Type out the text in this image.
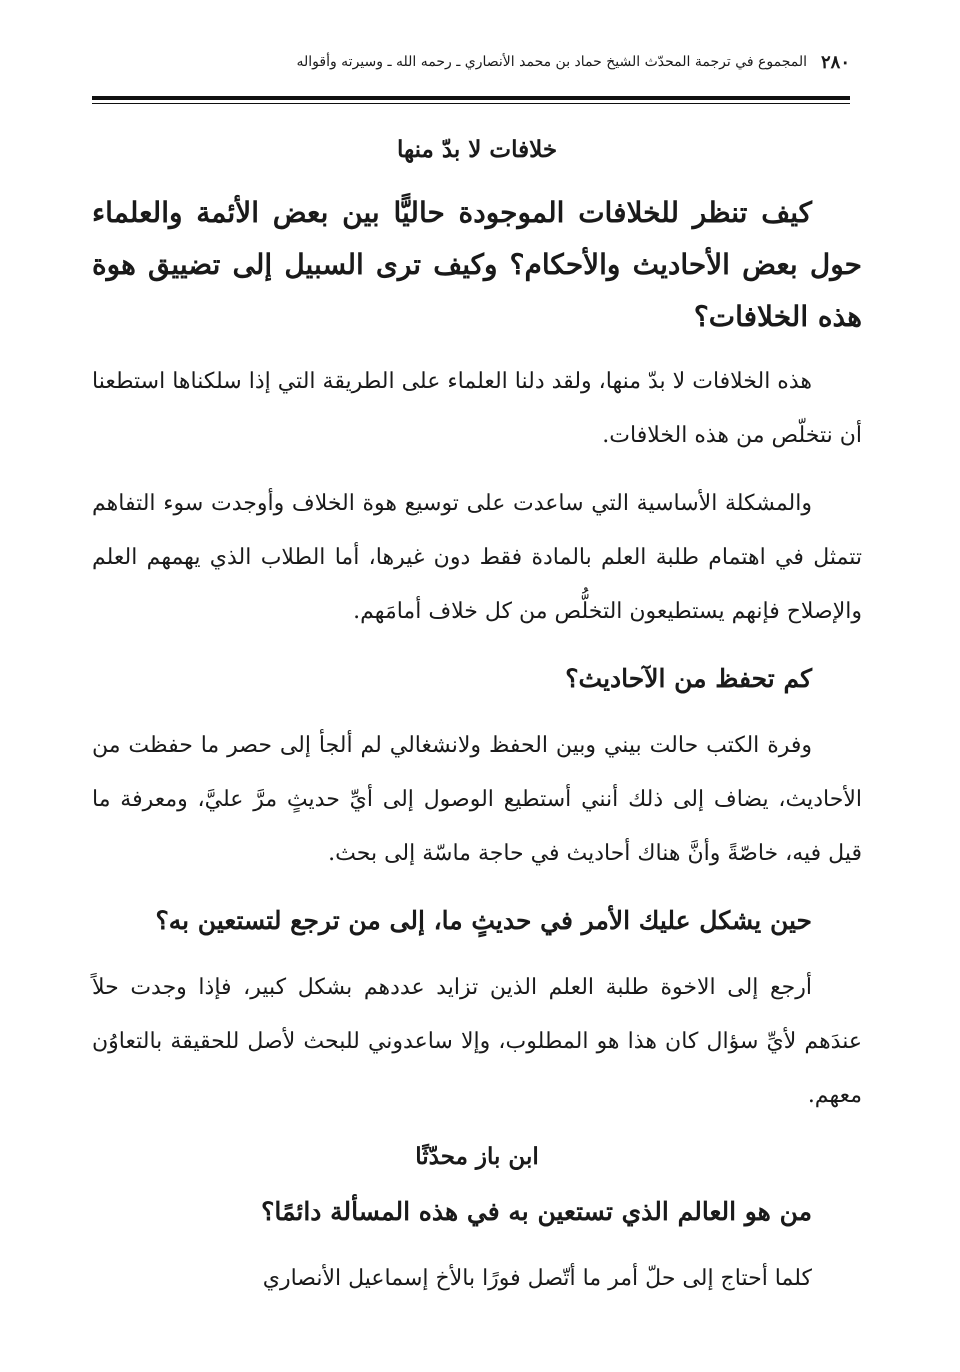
٢٨٠
المجموع في ترجمة المحدّث الشيخ حماد بن محمد الأنصاري ـ رحمه الله ـ وسيرته وأقواله
خلافات لا بدّ منها

كيف تنظر للخلافات الموجودة حاليًّا بين بعض الأئمة والعلماء حول بعض الأحاديث والأحكام؟ وكيف ترى السبيل إلى تضييق هوة هذه الخلافات؟

هذه الخلافات لا بدّ منها، ولقد دلنا العلماء على الطريقة التي إذا سلكناها استطعنا أن نتخلّص من هذه الخلافات.

والمشكلة الأساسية التي ساعدت على توسيع هوة الخلاف وأوجدت سوء التفاهم تتمثل في اهتمام طلبة العلم بالمادة فقط دون غيرها، أما الطلاب الذي يهمهم العلم والإصلاح فإنهم يستطيعون التخلُّص من كل خلاف أمامَهم.

كم تحفظ من الآحاديث؟

وفرة الكتب حالت بيني وبين الحفظ ولانشغالي لم ألجأ إلى حصر ما حفظت من الأحاديث، يضاف إلى ذلك أنني أستطيع الوصول إلى أيِّ حديثٍ مرَّ عليَّ، ومعرفة ما قيل فيه، خاصّةً وأنَّ هناك أحاديث في حاجة ماسّة إلى بحث.

حين يشكل عليك الأمر في حديثٍ ما، إلى من ترجع لتستعين به؟

أرجع إلى الاخوة طلبة العلم الذين تزايد عددهم بشكل كبير، فإذا وجدت حلاً عندَهم لأيِّ سؤال كان هذا هو المطلوب، وإلا ساعدوني للبحث لأصل للحقيقة بالتعاوُن معهم.

ابن باز محدّثًا

من هو العالم الذي تستعين به في هذه المسألة دائمًا؟

كلما أحتاج إلى حلّ أمر ما أتّصل فورًا بالأخ إسماعيل الأنصاري
